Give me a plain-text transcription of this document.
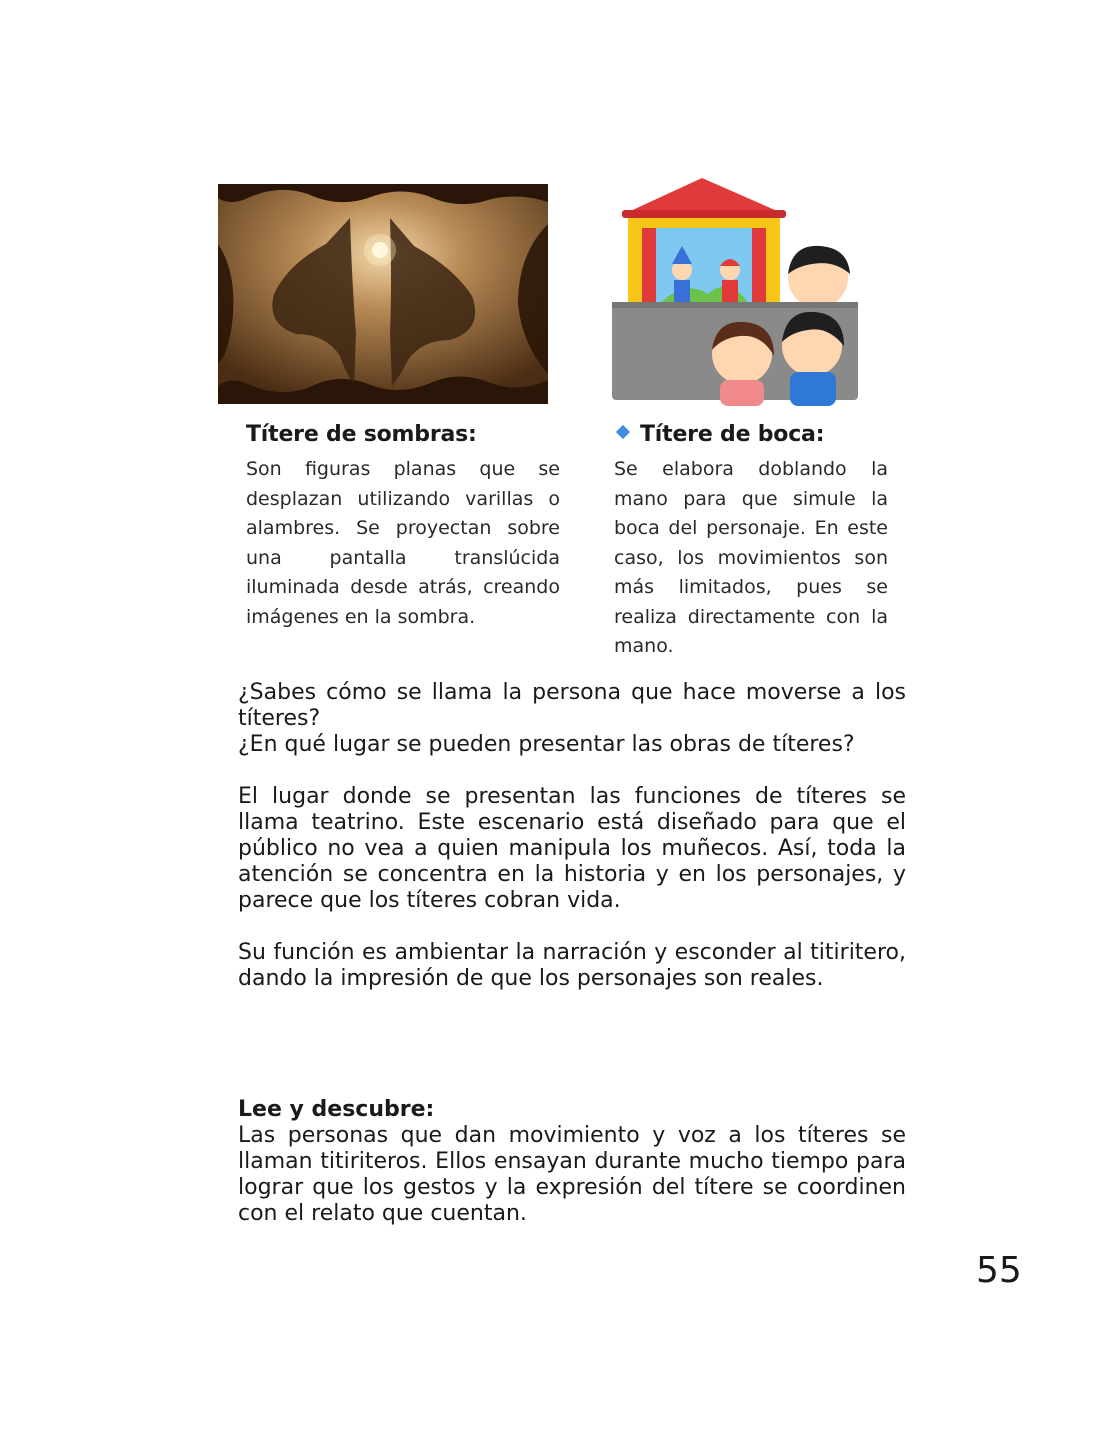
Títere de sombras:
Son figuras planas que se desplazan utilizando varillas o alambres. Se proyectan sobre una pantalla translúcida iluminada desde atrás, creando imágenes en la sombra.
Títere de boca:
Se elabora doblando la mano para que simule la boca del personaje. En este caso, los movimientos son más limitados, pues se realiza directamente con la mano.

¿Sabes cómo se llama la persona que hace moverse a los títeres?

¿En qué lugar se pueden presentar las obras de títeres?

El lugar donde se presentan las funciones de títeres se llama teatrino. Este escenario está diseñado para que el público no vea a quien manipula los muñecos. Así, toda la atención se concentra en la historia y en los personajes, y parece que los títeres cobran vida.
Su función es ambientar la narración y esconder al titiritero, dando la impresión de que los personajes son reales.

Lee y descubre:

Las personas que dan movimiento y voz a los títeres se llaman titiriteros. Ellos ensayan durante mucho tiempo para lograr que los gestos y la expresión del títere se coordinen con el relato que cuentan.

55
